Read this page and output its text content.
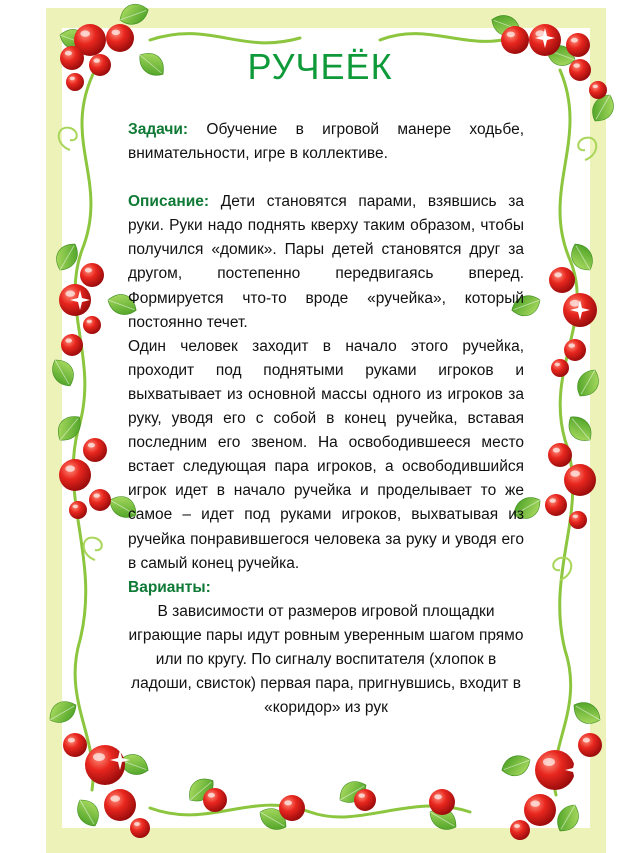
РУЧЕЁК

Задачи: Обучение в игровой манере ходьбе, внимательности, игре в коллективе.

Описание: Дети становятся парами, взявшись за руки. Руки надо поднять кверху таким образом, чтобы получился «домик». Пары детей становятся друг за другом, постепенно передвигаясь вперед. Формируется что-то вроде «ручейка», который постоянно течет.

Один человек заходит в начало этого ручейка, проходит под поднятыми руками игроков и выхватывает из основной массы одного из игроков за руку, уводя его с собой в конец ручейка, вставая последним его звеном. На освободившееся место встает следующая пара игроков, а освободившийся игрок идет в начало ручейка и проделывает то же самое – идет под руками игроков, выхватывая из ручейка понравившегося человека за руку и уводя его в самый конец ручейка.

Варианты:

В зависимости от размеров игровой площадки играющие пары идут ровным уверенным шагом прямо или по кругу. По сигналу воспитателя (хлопок в ладоши, свисток) первая пара, пригнувшись, входит в «коридор» из рук
